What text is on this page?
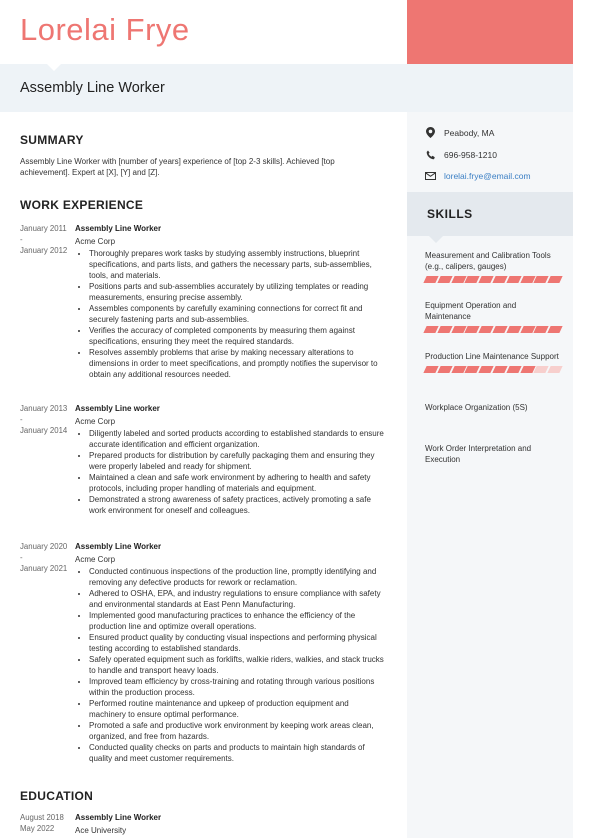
Lorelai Frye
Assembly Line Worker
Peabody, MA
696-958-1210
lorelai.frye@email.com
SKILLS
Measurement and Calibration Tools (e.g., calipers, gauges)
Equipment Operation and Maintenance
Production Line Maintenance Support
Workplace Organization (5S)
Work Order Interpretation and Execution
SUMMARY
Assembly Line Worker with [number of years] experience of [top 2-3 skills]. Achieved [top achievement]. Expert at [X], [Y] and [Z].
WORK EXPERIENCE
January 2011
-
January 2012
Assembly Line Worker
Acme Corp
• Thoroughly prepares work tasks by studying assembly instructions, blueprint specifications, and parts lists, and gathers the necessary parts, sub-assemblies, tools, and materials.
• Positions parts and sub-assemblies accurately by utilizing templates or reading measurements, ensuring precise assembly.
• Assembles components by carefully examining connections for correct fit and securely fastening parts and sub-assemblies.
• Verifies the accuracy of completed components by measuring them against specifications, ensuring they meet the required standards.
• Resolves assembly problems that arise by making necessary alterations to dimensions in order to meet specifications, and promptly notifies the supervisor to obtain any additional resources needed.
January 2013
-
January 2014
Assembly Line worker
Acme Corp
• Diligently labeled and sorted products according to established standards to ensure accurate identification and efficient organization.
• Prepared products for distribution by carefully packaging them and ensuring they were properly labeled and ready for shipment.
• Maintained a clean and safe work environment by adhering to health and safety protocols, including proper handling of materials and equipment.
• Demonstrated a strong awareness of safety practices, actively promoting a safe work environment for oneself and colleagues.
January 2020
-
January 2021
Assembly Line Worker
Acme Corp
• Conducted continuous inspections of the production line, promptly identifying and removing any defective products for rework or reclamation.
• Adhered to OSHA, EPA, and industry regulations to ensure compliance with safety and environmental standards at East Penn Manufacturing.
• Implemented good manufacturing practices to enhance the efficiency of the production line and optimize overall operations.
• Ensured product quality by conducting visual inspections and performing physical testing according to established standards.
• Safely operated equipment such as forklifts, walkie riders, walkies, and stack trucks to handle and transport heavy loads.
• Improved team efficiency by cross-training and rotating through various positions within the production process.
• Performed routine maintenance and upkeep of production equipment and machinery to ensure optimal performance.
• Promoted a safe and productive work environment by keeping work areas clean, organized, and free from hazards.
• Conducted quality checks on parts and products to maintain high standards of quality and meet customer requirements.
EDUCATION
August 2018
May 2022
Assembly Line Worker
Ace University
